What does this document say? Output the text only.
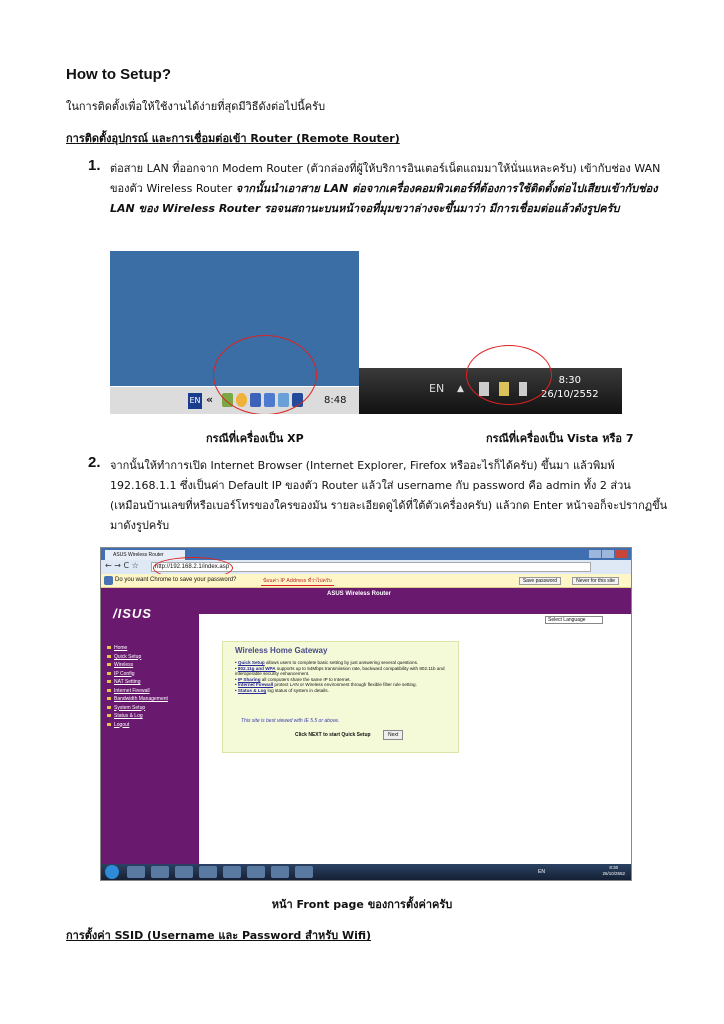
How to Setup?
ในการติดตั้งเพื่อให้ใช้งานได้ง่ายที่สุดมีวิธีดังต่อไปนี้ครับ
การติดตั้งอุปกรณ์ และการเชื่อมต่อเข้า Router (Remote Router)
1. ต่อสาย LAN ที่ออกจาก Modem Router (ตัวกล่องที่ผู้ให้บริการอินเตอร์เน็ตแถมมาให้นั่นแหละครับ) เข้ากับช่อง WAN ของตัว Wireless Router จากนั้นนำเอาสาย LAN ต่อจากเครื่องคอมพิวเตอร์ที่ต้องการใช้ติดตั้งต่อไปเสียบเข้ากับช่อง LAN ของ Wireless Router รอจนสถานะบนหน้าจอที่มุมขวาล่างจะขึ้นมาว่า มีการเชื่อมต่อแล้วดังรูปครับ
EN «	8:48
EN ▲
8:30
26/10/2552
กรณีที่เครื่องเป็น XP	กรณีที่เครื่องเป็น Vista หรือ 7
2. จากนั้นให้ทำการเปิด Internet Browser (Internet Explorer, Firefox หรืออะไรก็ได้ครับ) ขึ้นมา แล้วพิมพ์ 192.168.1.1 ซึ่งเป็นค่า Default IP ของตัว Router แล้วใส่ username กับ password คือ admin ทั้ง 2 ส่วน (เหมือนบ้านเลขที่หรือเบอร์โทรของใครของมัน รายละเอียดดูได้ที่ใต้ตัวเครื่องครับ) แล้วกด Enter หน้าจอก็จะปรากฏขึ้นมาดังรูปครับ
ASUS Wireless Router
← → C ☆	http://192.168.2.1/index.asp
Do you want Chrome to save your password?	ป้อนค่า IP Address ที่ว่าไปครับ	Save password	Never for this site
/ISUS
Home
Quick Setup
Wireless
IP Config
NAT Setting
Internet Firewall
Bandwidth Management
System Setup
Status & Log
Logout
ASUS Wireless Router
Select Language
Wireless Home Gateway
• Quick Setup allows users to complete basic setting by just answering several questions.
• 802.11g and WPA supports up to 54Mbps transmission rate, backward compatibility with 802.11b and interoperable security enhancement.
• IP Sharing all computers share the same IP to Internet.
• Internet Firewall protect LAN or Wireless environment through flexible filter rule setting.
• Status & Log log status of system in details.
This site is best viewed with IE 5.5 or above.
Click NEXT to start Quick Setup	Next
EN
8:30
26/10/2552
หน้า Front page ของการตั้งค่าครับ
การตั้งค่า SSID (Username และ Password สำหรับ Wifi)
